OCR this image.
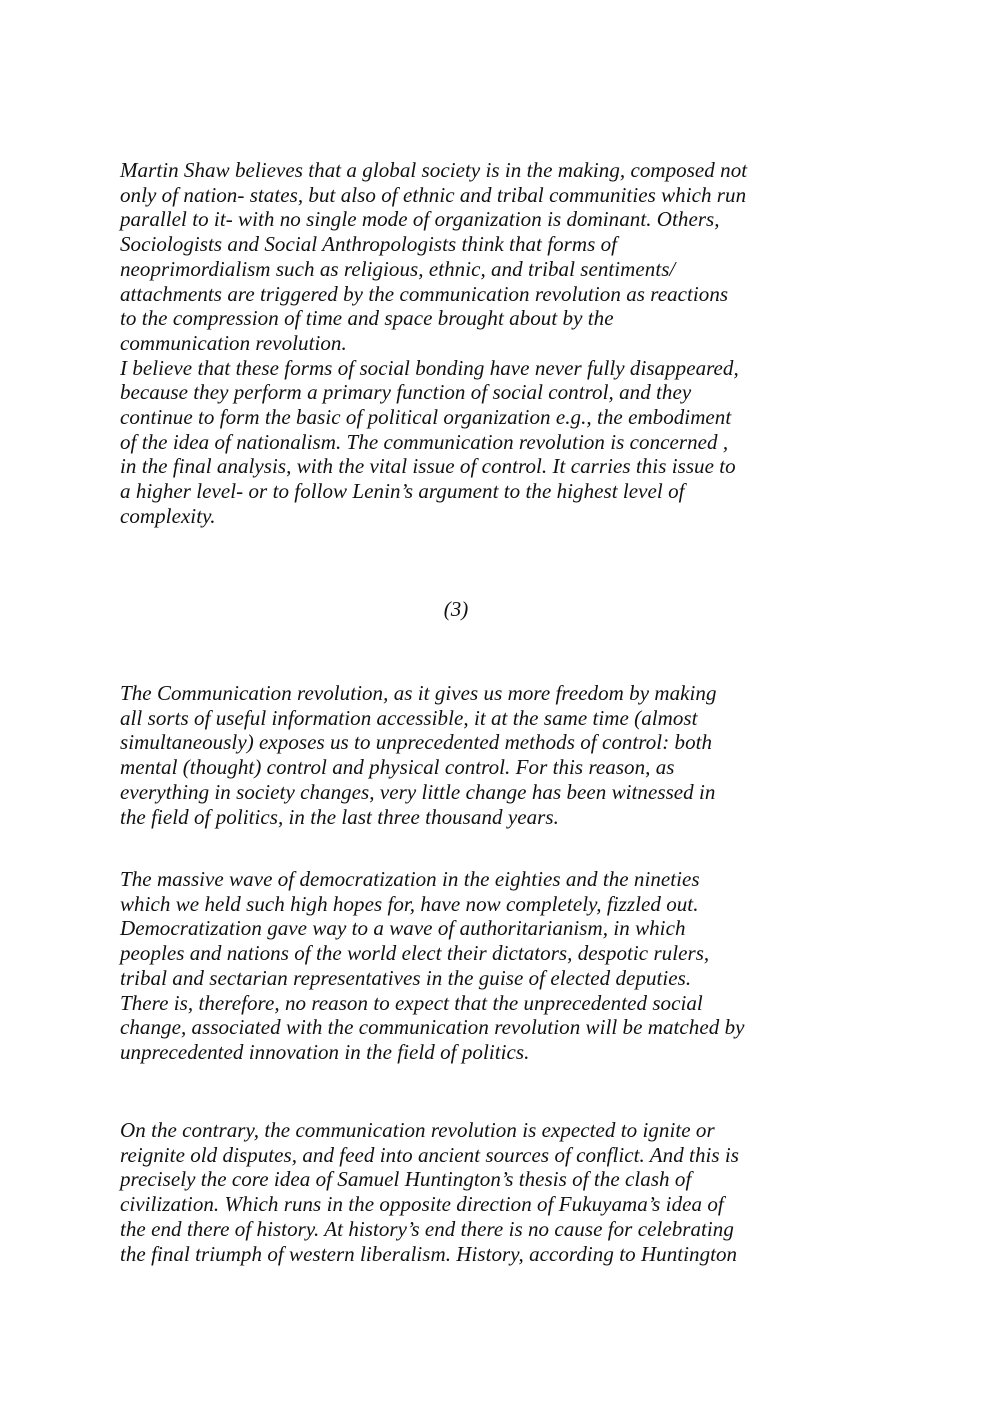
Martin Shaw believes that a global society is in the making, composed not
only of nation- states, but also of ethnic and tribal communities which run
parallel to it- with no single mode of organization is dominant. Others,
Sociologists and Social Anthropologists think that forms of
neoprimordialism such as religious, ethnic, and tribal sentiments/
attachments are triggered by the communication revolution as reactions
to the compression of time and space brought about by the
communication revolution.
I believe that these forms of social bonding have never fully disappeared,
because they perform a primary function of social control, and they
continue to form the basic of political organization e.g., the embodiment
of the idea of nationalism. The communication revolution is concerned ,
in the final analysis, with the vital issue of control. It carries this issue to
a higher level- or to follow Lenin’s argument to the highest level of
complexity.
(3)
The Communication revolution, as it gives us more freedom by making
all sorts of useful information accessible, it at the same time (almost
simultaneously) exposes us to unprecedented methods of control: both
mental (thought) control and physical control. For this reason, as
everything in society changes, very little change has been witnessed in
the field of politics, in the last three thousand years.
The massive wave of democratization in the eighties and the nineties
which we held such high hopes for, have now completely, fizzled out.
Democratization gave way to a wave of authoritarianism, in which
peoples and nations of the world elect their dictators, despotic rulers,
tribal and sectarian representatives in the guise of elected deputies.
There is, therefore, no reason to expect that the unprecedented social
change, associated with the communication revolution will be matched by
unprecedented innovation in the field of politics.
On the contrary, the communication revolution is expected to ignite or
reignite old disputes, and feed into ancient sources of conflict. And this is
precisely the core idea of Samuel Huntington’s thesis of the clash of
civilization. Which runs in the opposite direction of Fukuyama’s idea of
the end there of history. At history’s end there is no cause for celebrating
the final triumph of western liberalism. History, according to Huntington
